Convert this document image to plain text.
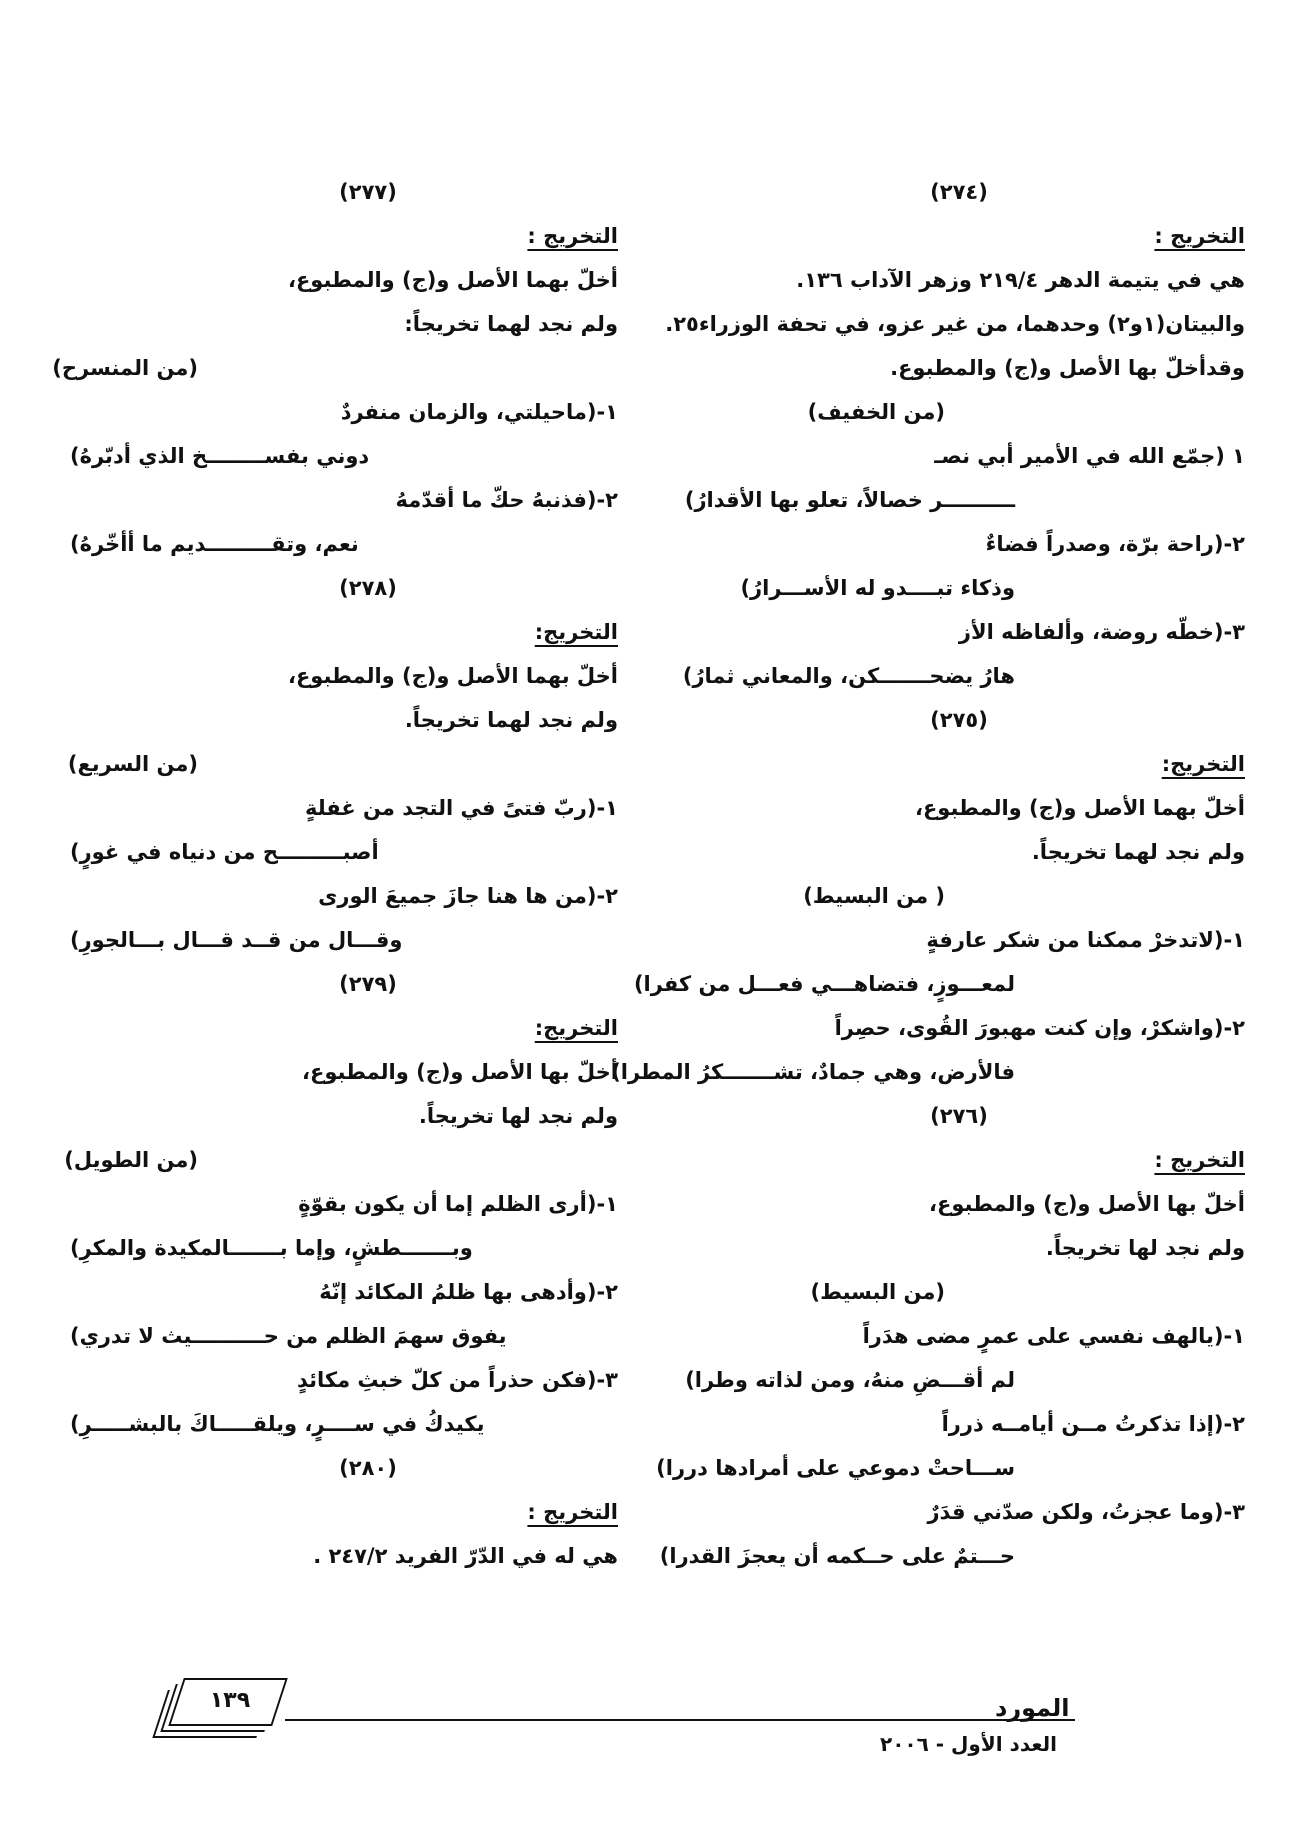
(٢٧٤)
التخريج :
هي في يتيمة الدهر ٢١٩/٤ وزهر الآداب ١٣٦.
والبيتان(١و٢) وحدهما، من غير عزو، في تحفة الوزراء٢٥.
وقدأخلّ بها الأصل و(ج) والمطبوع.
(من الخفيف)
١ (جمّع الله في الأمير أبي نصـ
ــــــــــر خصالاً، تعلو بها الأقدارُ)
٢-(راحة برّة، وصدراً فضاءٌ
وذكاء تبــــدو له الأســـرارُ)
٣-(خطّه روضة، وألفاظه الأز
هارُ يضحـــــــكن، والمعاني ثمارُ)
(٢٧٥)
التخريج:
أخلّ بهما الأصل و(ج) والمطبوع،
ولم نجد لهما تخريجاً.
( من البسيط)
١-(لاتدخرْ ممكنا من شكر عارفةٍ
لمعـــوزٍ، فتضاهـــي فعـــل من كفرا)
٢-(واشكرْ، وإن كنت مهبورَ القُوى، حصِراً
فالأرض، وهي جمادٌ، تشـــــــكرُ المطرا)
(٢٧٦)
التخريج :
أخلّ بها الأصل و(ج) والمطبوع،
ولم نجد لها تخريجاً.
(من البسيط)
١-(يالهف نفسي على عمرٍ مضى هدَراً
لم أقـــضِ منهُ، ومن لذاته وطرا)
٢-(إذا تذكرتُ مــن أيامــه ذرراً
ســـاحتْ دموعي على أمرادها دررا)
٣-(وما عجزتُ، ولكن صدّني قدَرٌ
حـــتمٌ على حــكمه أن يعجزَ القدرا)
(٢٧٧)
التخريج :
أخلّ بهما الأصل و(ج) والمطبوع،
ولم نجد لهما تخريجاً:
(من المنسرح)
١-(ماحيلتي، والزمان منفردٌ
دوني بفســــــــخ الذي أدبّرهُ)
٢-(فذنبهُ حكّ ما أقدّمهُ
نعم، وتقـــــــــديم ما أأخّرهُ)
(٢٧٨)
التخريج:
أخلّ بهما الأصل و(ج) والمطبوع،
ولم نجد لهما تخريجاً.
(من السريع)
١-(ربّ فتىً في التجد من غفلةٍ
أصبـــــــــح من دنياه في غورٍ)
٢-(من ها هنا جازَ جميعَ الورى
وقـــال من قــد قـــال بـــالجورِ)
(٢٧٩)
التخريج:
أخلّ بها الأصل و(ج) والمطبوع،
ولم نجد لها تخريجاً.
(من الطويل)
١-(أرى الظلم إما أن يكون بقوّةٍ
وبـــــــطشٍ، وإما بـــــــالمكيدة والمكرِ)
٢-(وأدهى بها ظلمُ المكائد إنّهُ
يفوق سهمَ الظلم من حــــــــــيث لا تدري)
٣-(فكن حذراً من كلّ خبثِ مكائدٍ
يكيدكُ في ســــرٍ، ويلقـــــاكَ بالبشـــــرِ)
(٢٨٠)
التخريج :
هي له في الدّرّ الفريد ٢٤٧/٢ .
١٣٩	المورد
العدد الأول - ٢٠٠٦
